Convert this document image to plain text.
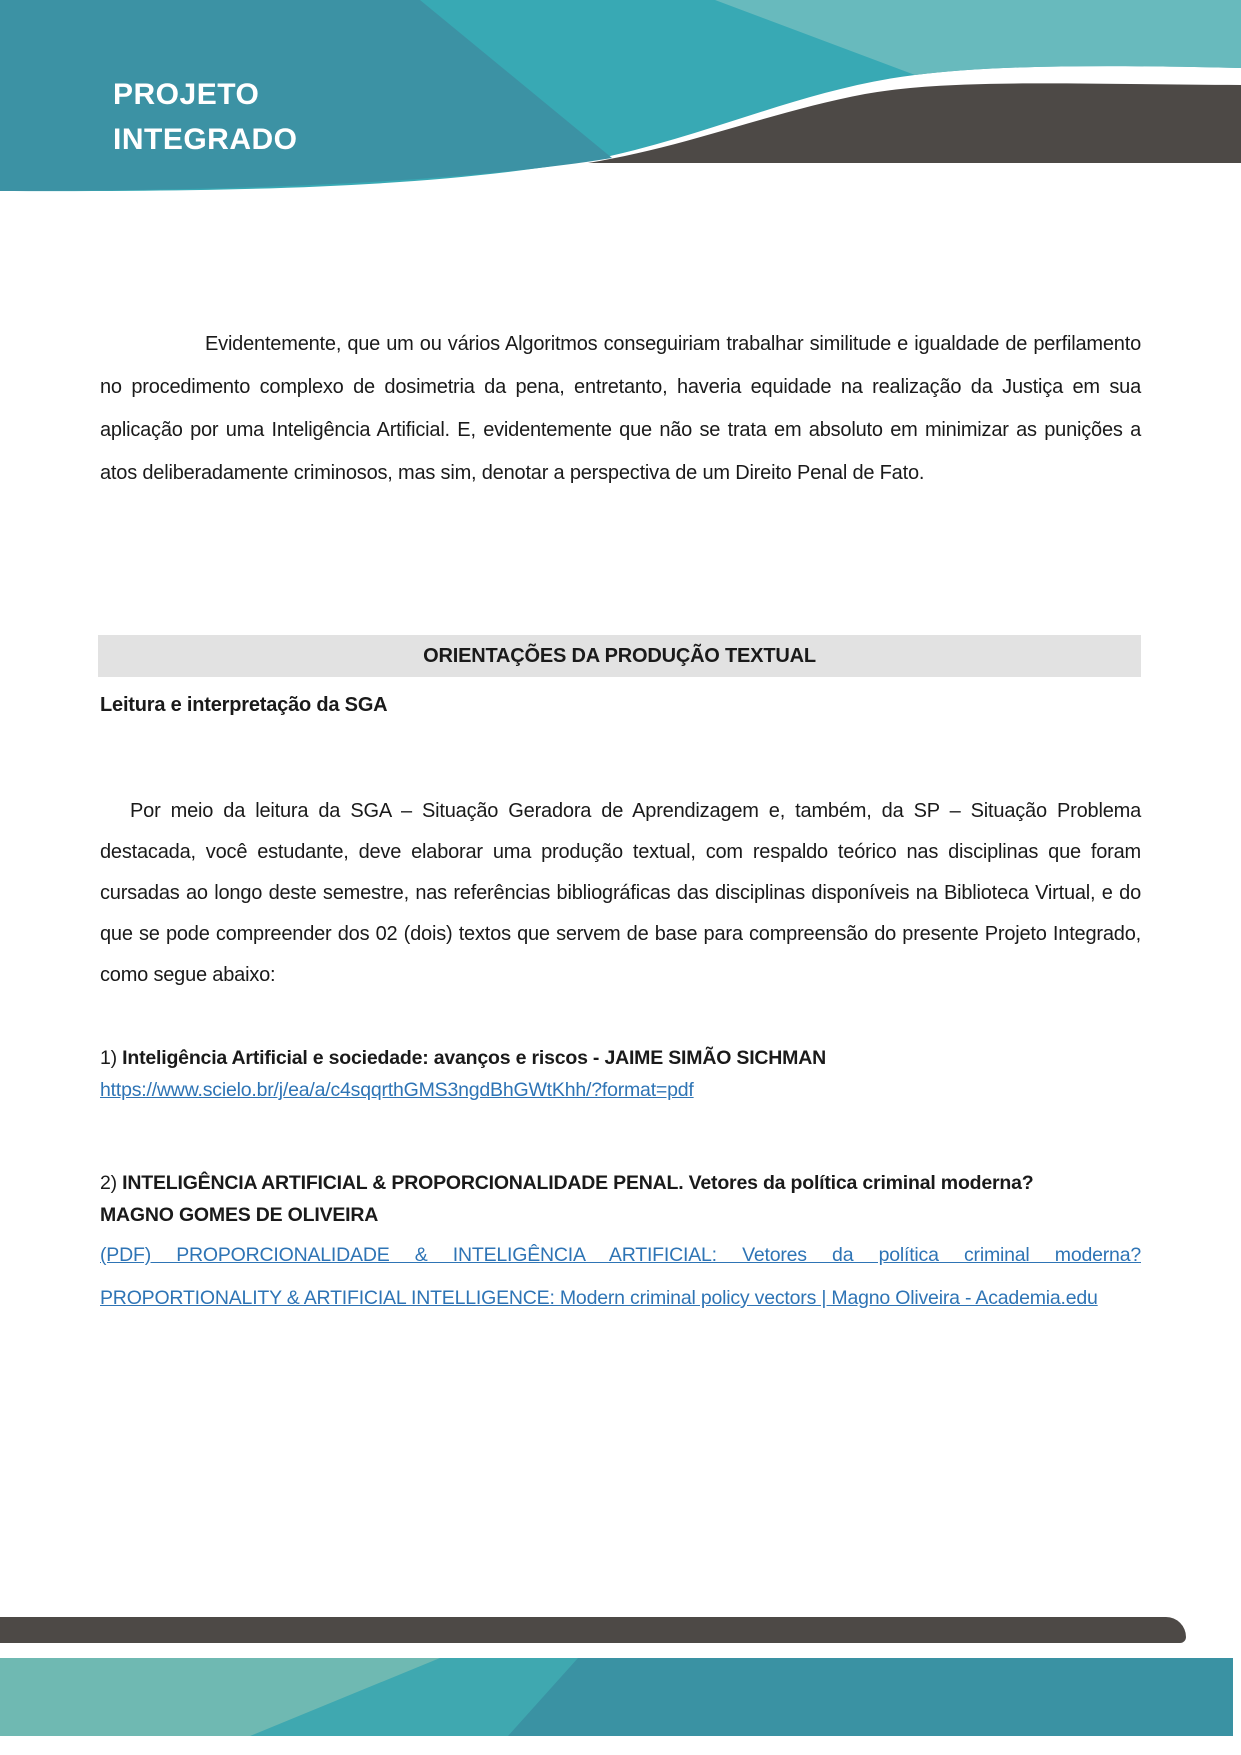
PROJETO
INTEGRADO

Evidentemente, que um ou vários Algoritmos conseguiriam trabalhar similitude e igualdade de perfilamento no procedimento complexo de dosimetria da pena, entretanto, haveria equidade na realização da Justiça em sua aplicação por uma Inteligência Artificial. E, evidentemente que não se trata em absoluto em minimizar as punições a atos deliberadamente criminosos, mas sim, denotar a perspectiva de um Direito Penal de Fato.

ORIENTAÇÕES DA PRODUÇÃO TEXTUAL
Leitura e interpretação da SGA

Por meio da leitura da SGA – Situação Geradora de Aprendizagem e, também, da SP – Situação Problema destacada, você estudante, deve elaborar uma produção textual, com respaldo teórico nas disciplinas que foram cursadas ao longo deste semestre, nas referências bibliográficas das disciplinas disponíveis na Biblioteca Virtual, e do que se pode compreender dos 02 (dois) textos que servem de base para compreensão do presente Projeto Integrado, como segue abaixo:

1) Inteligência Artificial e sociedade: avanços e riscos - JAIME SIMÃO SICHMAN
https://www.scielo.br/j/ea/a/c4sqqrthGMS3ngdBhGWtKhh/?format=pdf
2) INTELIGÊNCIA ARTIFICIAL & PROPORCIONALIDADE PENAL. Vetores da política criminal moderna?
MAGNO GOMES DE OLIVEIRA
(PDF) PROPORCIONALIDADE & INTELIGÊNCIA ARTIFICIAL: Vetores da política criminal moderna? PROPORTIONALITY & ARTIFICIAL INTELLIGENCE: Modern criminal policy vectors | Magno Oliveira - Academia.edu
